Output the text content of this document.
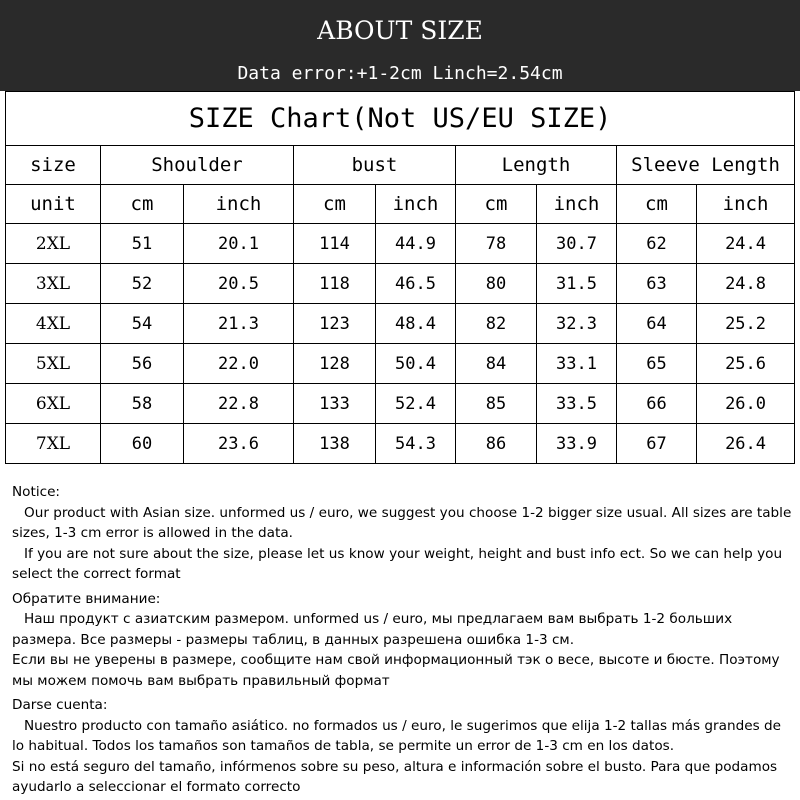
ABOUT SIZE
Data error:+1-2cm Linch=2.54cm
SIZE Chart(Not US/EU SIZE)								
size	Shoulder		bust		Length		Sleeve Length	
unit	cm	inch	cm	inch	cm	inch	cm	inch
2XL	51	20.1	114	44.9	78	30.7	62	24.4
3XL	52	20.5	118	46.5	80	31.5	63	24.8
4XL	54	21.3	123	48.4	82	32.3	64	25.2
5XL	56	22.0	128	50.4	84	33.1	65	25.6
6XL	58	22.8	133	52.4	85	33.5	66	26.0
7XL	60	23.6	138	54.3	86	33.9	67	26.4

Notice:

Our product with Asian size. unformed us / euro, we suggest you choose 1-2 bigger size usual. All sizes are table sizes, 1-3 cm error is allowed in the data.

If you are not sure about the size, please let us know your weight, height and bust info ect. So we can help you select the correct format

Обратите внимание:

Наш продукт с азиатским размером. unformed us / euro, мы предлагаем вам выбрать 1-2 больших размера. Все размеры - размеры таблиц, в данных разрешена ошибка 1-3 см.

Если вы не уверены в размере, сообщите нам свой информационный тэк о весе, высоте и бюсте. Поэтому мы можем помочь вам выбрать правильный формат

Darse cuenta:

Nuestro producto con tamaño asiático. no formados us / euro, le sugerimos que elija 1-2 tallas más grandes de lo habitual. Todos los tamaños son tamaños de tabla, se permite un error de 1-3 cm en los datos.

Si no está seguro del tamaño, infórmenos sobre su peso, altura e información sobre el busto. Para que podamos ayudarlo a seleccionar el formato correcto
